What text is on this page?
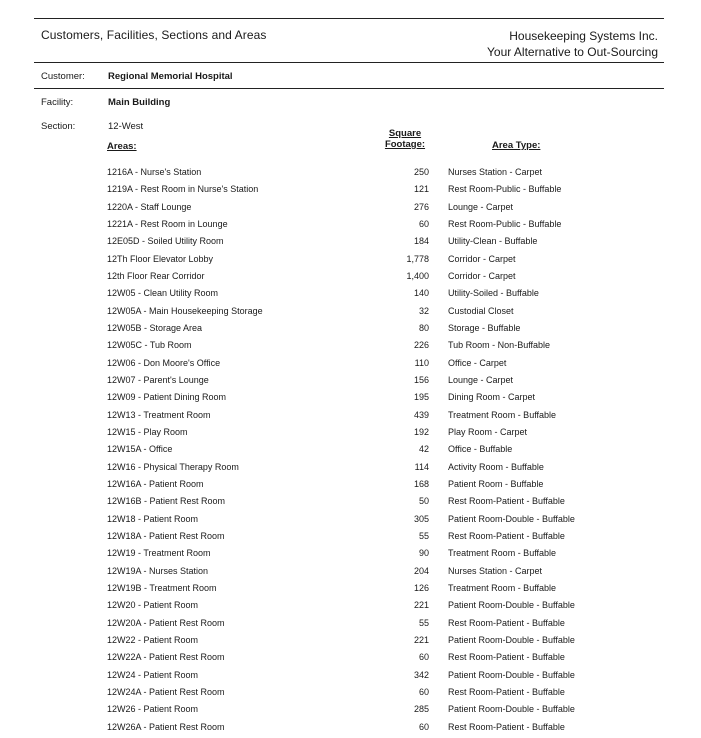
Customers, Facilities, Sections and Areas	Housekeeping Systems Inc.
Your Alternative to Out-Sourcing
Customer: Regional Memorial Hospital
Facility:	Main Building
Section:	12-West
Areas:
Square
Footage:	Area Type:
1216A - Nurse's Station	250 Nurses Station - Carpet
1219A - Rest Room in Nurse's Station	121 Rest Room-Public - Buffable
1220A - Staff Lounge	276 Lounge - Carpet
1221A - Rest Room in Lounge	60 Rest Room-Public - Buffable
12E05D - Soiled Utility Room	184 Utility-Clean - Buffable
12Th Floor Elevator Lobby	1,778 Corridor - Carpet
12th Floor Rear Corridor	1,400 Corridor - Carpet
12W05 - Clean Utility Room	140 Utility-Soiled - Buffable
12W05A - Main Housekeeping Storage	32 Custodial Closet
12W05B - Storage Area	80 Storage - Buffable
12W05C - Tub Room	226 Tub Room - Non-Buffable
12W06 - Don Moore's Office	110 Office - Carpet
12W07 - Parent's Lounge	156 Lounge - Carpet
12W09 - Patient Dining Room	195 Dining Room - Carpet
12W13 - Treatment Room	439 Treatment Room - Buffable
12W15 - Play Room	192 Play Room - Carpet
12W15A - Office	42 Office - Buffable
12W16 - Physical Therapy Room	114 Activity Room - Buffable
12W16A - Patient Room	168 Patient Room - Buffable
12W16B - Patient Rest Room	50 Rest Room-Patient - Buffable
12W18 - Patient Room	305 Patient Room-Double - Buffable
12W18A - Patient Rest Room	55 Rest Room-Patient - Buffable
12W19 - Treatment Room	90 Treatment Room - Buffable
12W19A - Nurses Station	204 Nurses Station - Carpet
12W19B - Treatment Room	126 Treatment Room - Buffable
12W20 - Patient Room	221 Patient Room-Double - Buffable
12W20A - Patient Rest Room	55 Rest Room-Patient - Buffable
12W22 - Patient Room	221 Patient Room-Double - Buffable
12W22A - Patient Rest Room	60 Rest Room-Patient - Buffable
12W24 - Patient Room	342 Patient Room-Double - Buffable
12W24A - Patient Rest Room	60 Rest Room-Patient - Buffable
12W26 - Patient Room	285 Patient Room-Double - Buffable
12W26A - Patient Rest Room	60 Rest Room-Patient - Buffable
